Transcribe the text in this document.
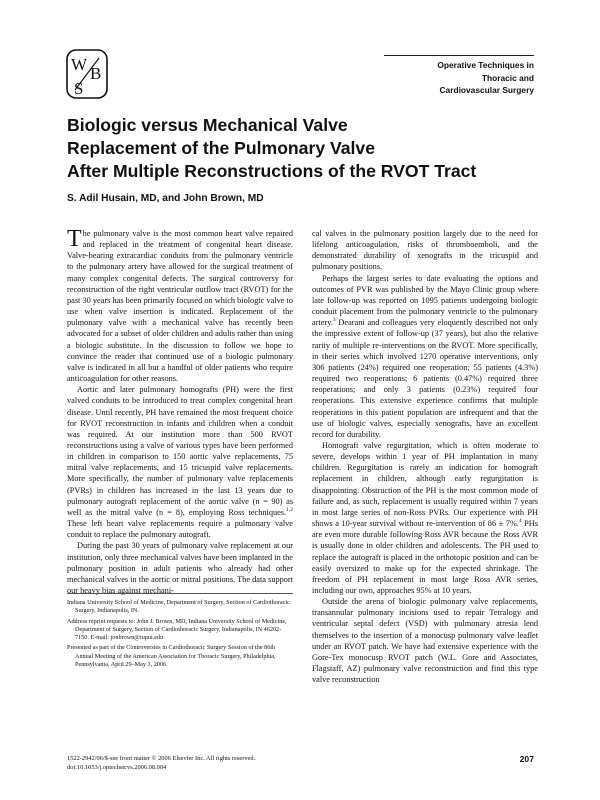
W B
S
Operative Techniques in
Thoracic and
Cardiovascular Surgery
Biologic versus Mechanical Valve
Replacement of the Pulmonary Valve
After Multiple Reconstructions of the RVOT Tract
S. Adil Husain, MD, and John Brown, MD

The pulmonary valve is the most common heart valve repaired and replaced in the treatment of congenital heart disease. Valve-bearing extracardiac conduits from the pulmonary ventricle to the pulmonary artery have allowed for the surgical treatment of many complex congenital defects. The surgical controversy for reconstruction of the right ventricular outflow tract (RVOT) for the past 30 years has been primarily focused on which biologic valve to use when valve insertion is indicated. Replacement of the pulmonary valve with a mechanical valve has recently been advocated for a subset of older children and adults rather than using a biologic substitute. In the discussion to follow we hope to convince the reader that continued use of a biologic pulmonary valve is indicated in all but a handful of older patients who require anticoagulation for other reasons.

Aortic and later pulmonary homografts (PH) were the first valved conduits to be introduced to treat complex congenital heart disease. Until recently, PH have remained the most frequent choice for RVOT reconstruction in infants and children when a conduit was required. At our institution more than 500 RVOT reconstructions using a valve of various types have been performed in children in comparison to 150 aortic valve replacements, 75 mitral valve replacements, and 15 tricuspid valve replacements. More specifically, the number of pulmonary valve replacements (PVRs) in children has increased in the last 13 years due to pulmonary autograft replacement of the aortic valve (n = 90) as well as the mitral valve (n = 8), employing Ross techniques.$^{1,2}$ These left heart valve replacements require a pulmonary valve conduit to replace the pulmonary autograft.

During the past 30 years of pulmonary valve replacement at our institution, only three mechanical valves have been implanted in the pulmonary position in adult patients who already had other mechanical valves in the aortic or mitral positions. The data support our heavy bias against mechani-

cal valves in the pulmonary position largely due to the need for lifelong anticoagulation, risks of thromboemboli, and the demonstrated durability of xenografts in the tricuspid and pulmonary positions.

Perhaps the largest series to date evaluating the options and outcomes of PVR was published by the Mayo Clinic group where late follow-up was reported on 1095 patients undergoing biologic conduit placement from the pulmonary ventricle to the pulmonary artery.$^3$ Dearani and colleagues very eloquently described not only the impressive extent of follow-up (37 years), but also the relative rarity of multiple re-interventions on the RVOT. More specifically, in their series which involved 1270 operative interventions, only 306 patients (24%) required one reoperation; 55 patients (4.3%) required two reoperations; 6 patients (0.47%) required three reoperations; and only 3 patients (0.23%) required four reoperations. This extensive experience confirms that multiple reoperations in this patient population are infrequent and that the use of biologic valves, especially xenografts, have an excellent record for durability.

Homograft valve regurgitation, which is often moderate to severe, develops within 1 year of PH implantation in many children. Regurgitation is rarely an indication for homograft replacement in children, although early regurgitation is disappointing. Obstruction of the PH is the most common mode of failure and, as such, replacement is usually required within 7 years in most large series of non-Ross PVRs. Our experience with PH shows a 10-year survival without re-intervention of 86 ± 7%.$^4$ PHs are even more durable following Ross AVR because the Ross AVR is usually done in older children and adolescents. The PH used to replace the autograft is placed in the orthotopic position and can be easily oversized to make up for the expected shrinkage. The freedom of PH replacement in most large Ross AVR series, including our own, approaches 95% at 10 years.

Outside the arena of biologic pulmonary valve replacements, transannular pulmonary incisions used to repair Tetralogy and ventricular septal defect (VSD) with pulmonary atresia lend themselves to the insertion of a monocusp pulmonary valve leaflet under an RVOT patch. We have had extensive experience with the Gore-Tex monocusp RVOT patch (W.L. Gore and Associates, Flagstaff, AZ) pulmonary valve reconstruction and find this type valve reconstruction

Indiana University School of Medicine, Department of Surgery, Section of Cardiothoracic Surgery, Indianapolis, IN.

Address reprint requests to: John J. Brown, MD, Indiana University School of Medicine, Department of Surgery, Section of Cardiothoracic Surgery, Indianapolis, IN 46202-7150. E-mail: jonbrown@iupui.edu

Presented as part of the Controversies in Cardiothoracic Surgery Session of the 86th Annual Meeting of the American Association for Thoracic Surgery, Philadelphia, Pennsylvania, April 29–May 3, 2006.

1522-2942/06/$-see front matter © 2006 Elsevier Inc. All rights reserved.
doi:10.1053/j.optechstcvs.2006.08.004
207
